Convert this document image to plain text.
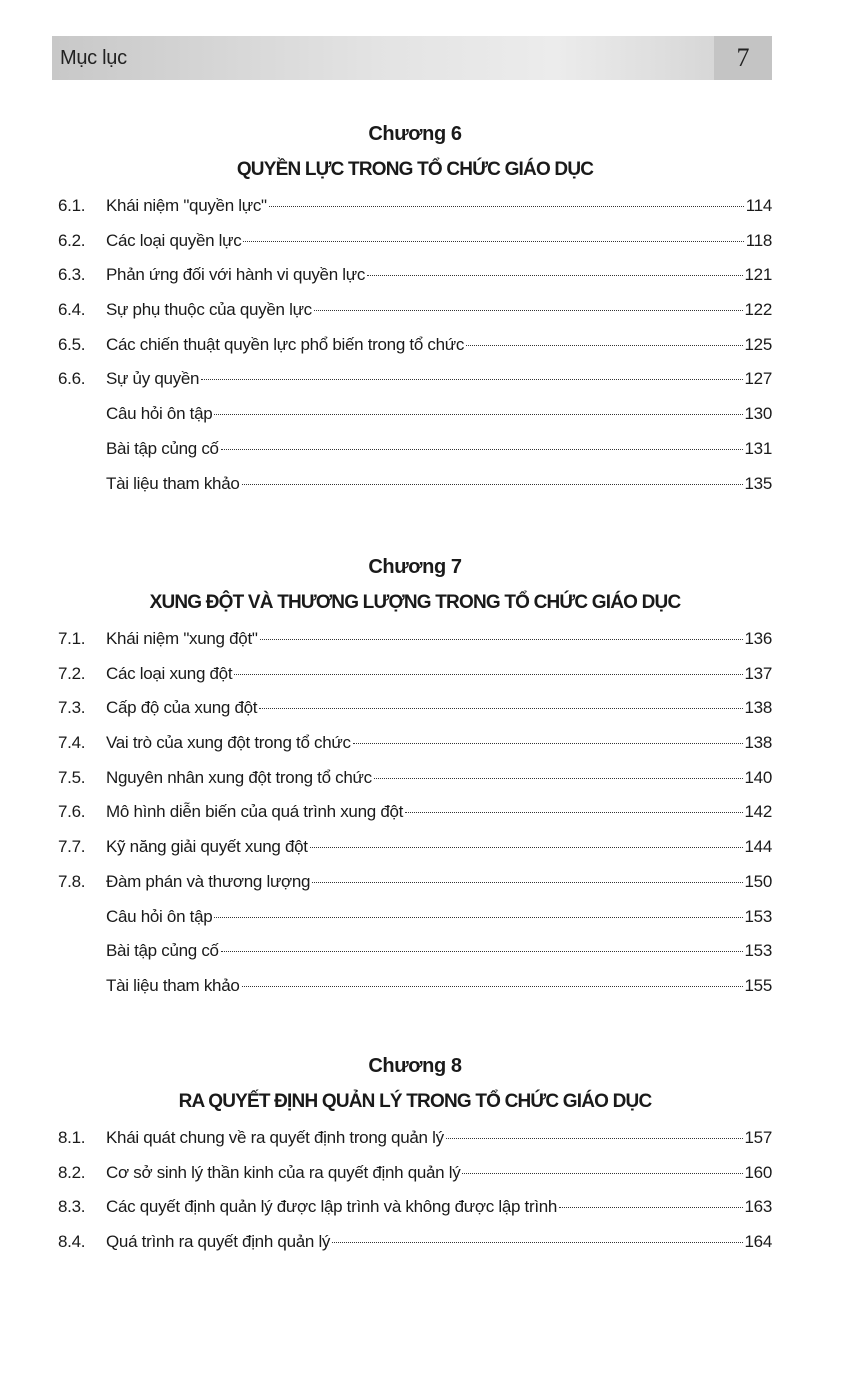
Mục lục	7
Chương 6
QUYỀN LỰC TRONG TỔ CHỨC GIÁO DỤC
6.1.	Khái niệm "quyền lực"	114
6.2.	Các loại quyền lực	118
6.3.	Phản ứng đối với hành vi quyền lực	121
6.4.	Sự phụ thuộc của quyền lực	122
6.5.	Các chiến thuật quyền lực phổ biến trong tổ chức	125
6.6.	Sự ủy quyền	127
Câu hỏi ôn tập	130
Bài tập củng cố	131
Tài liệu tham khảo	135
Chương 7
XUNG ĐỘT VÀ THƯƠNG LƯỢNG TRONG TỔ CHỨC GIÁO DỤC
7.1.	Khái niệm "xung đột"	136
7.2.	Các loại xung đột	137
7.3.	Cấp độ của xung đột	138
7.4.	Vai trò của xung đột trong tổ chức	138
7.5.	Nguyên nhân xung đột trong tổ chức	140
7.6.	Mô hình diễn biến của quá trình xung đột	142
7.7.	Kỹ năng giải quyết xung đột	144
7.8.	Đàm phán và thương lượng	150
Câu hỏi ôn tập	153
Bài tập củng cố	153
Tài liệu tham khảo	155
Chương 8
RA QUYẾT ĐỊNH QUẢN LÝ TRONG TỔ CHỨC GIÁO DỤC
8.1.	Khái quát chung về ra quyết định trong quản lý	157
8.2.	Cơ sở sinh lý thần kinh của ra quyết định quản lý	160
8.3.	Các quyết định quản lý được lập trình và không được lập trình	163
8.4.	Quá trình ra quyết định quản lý	164
